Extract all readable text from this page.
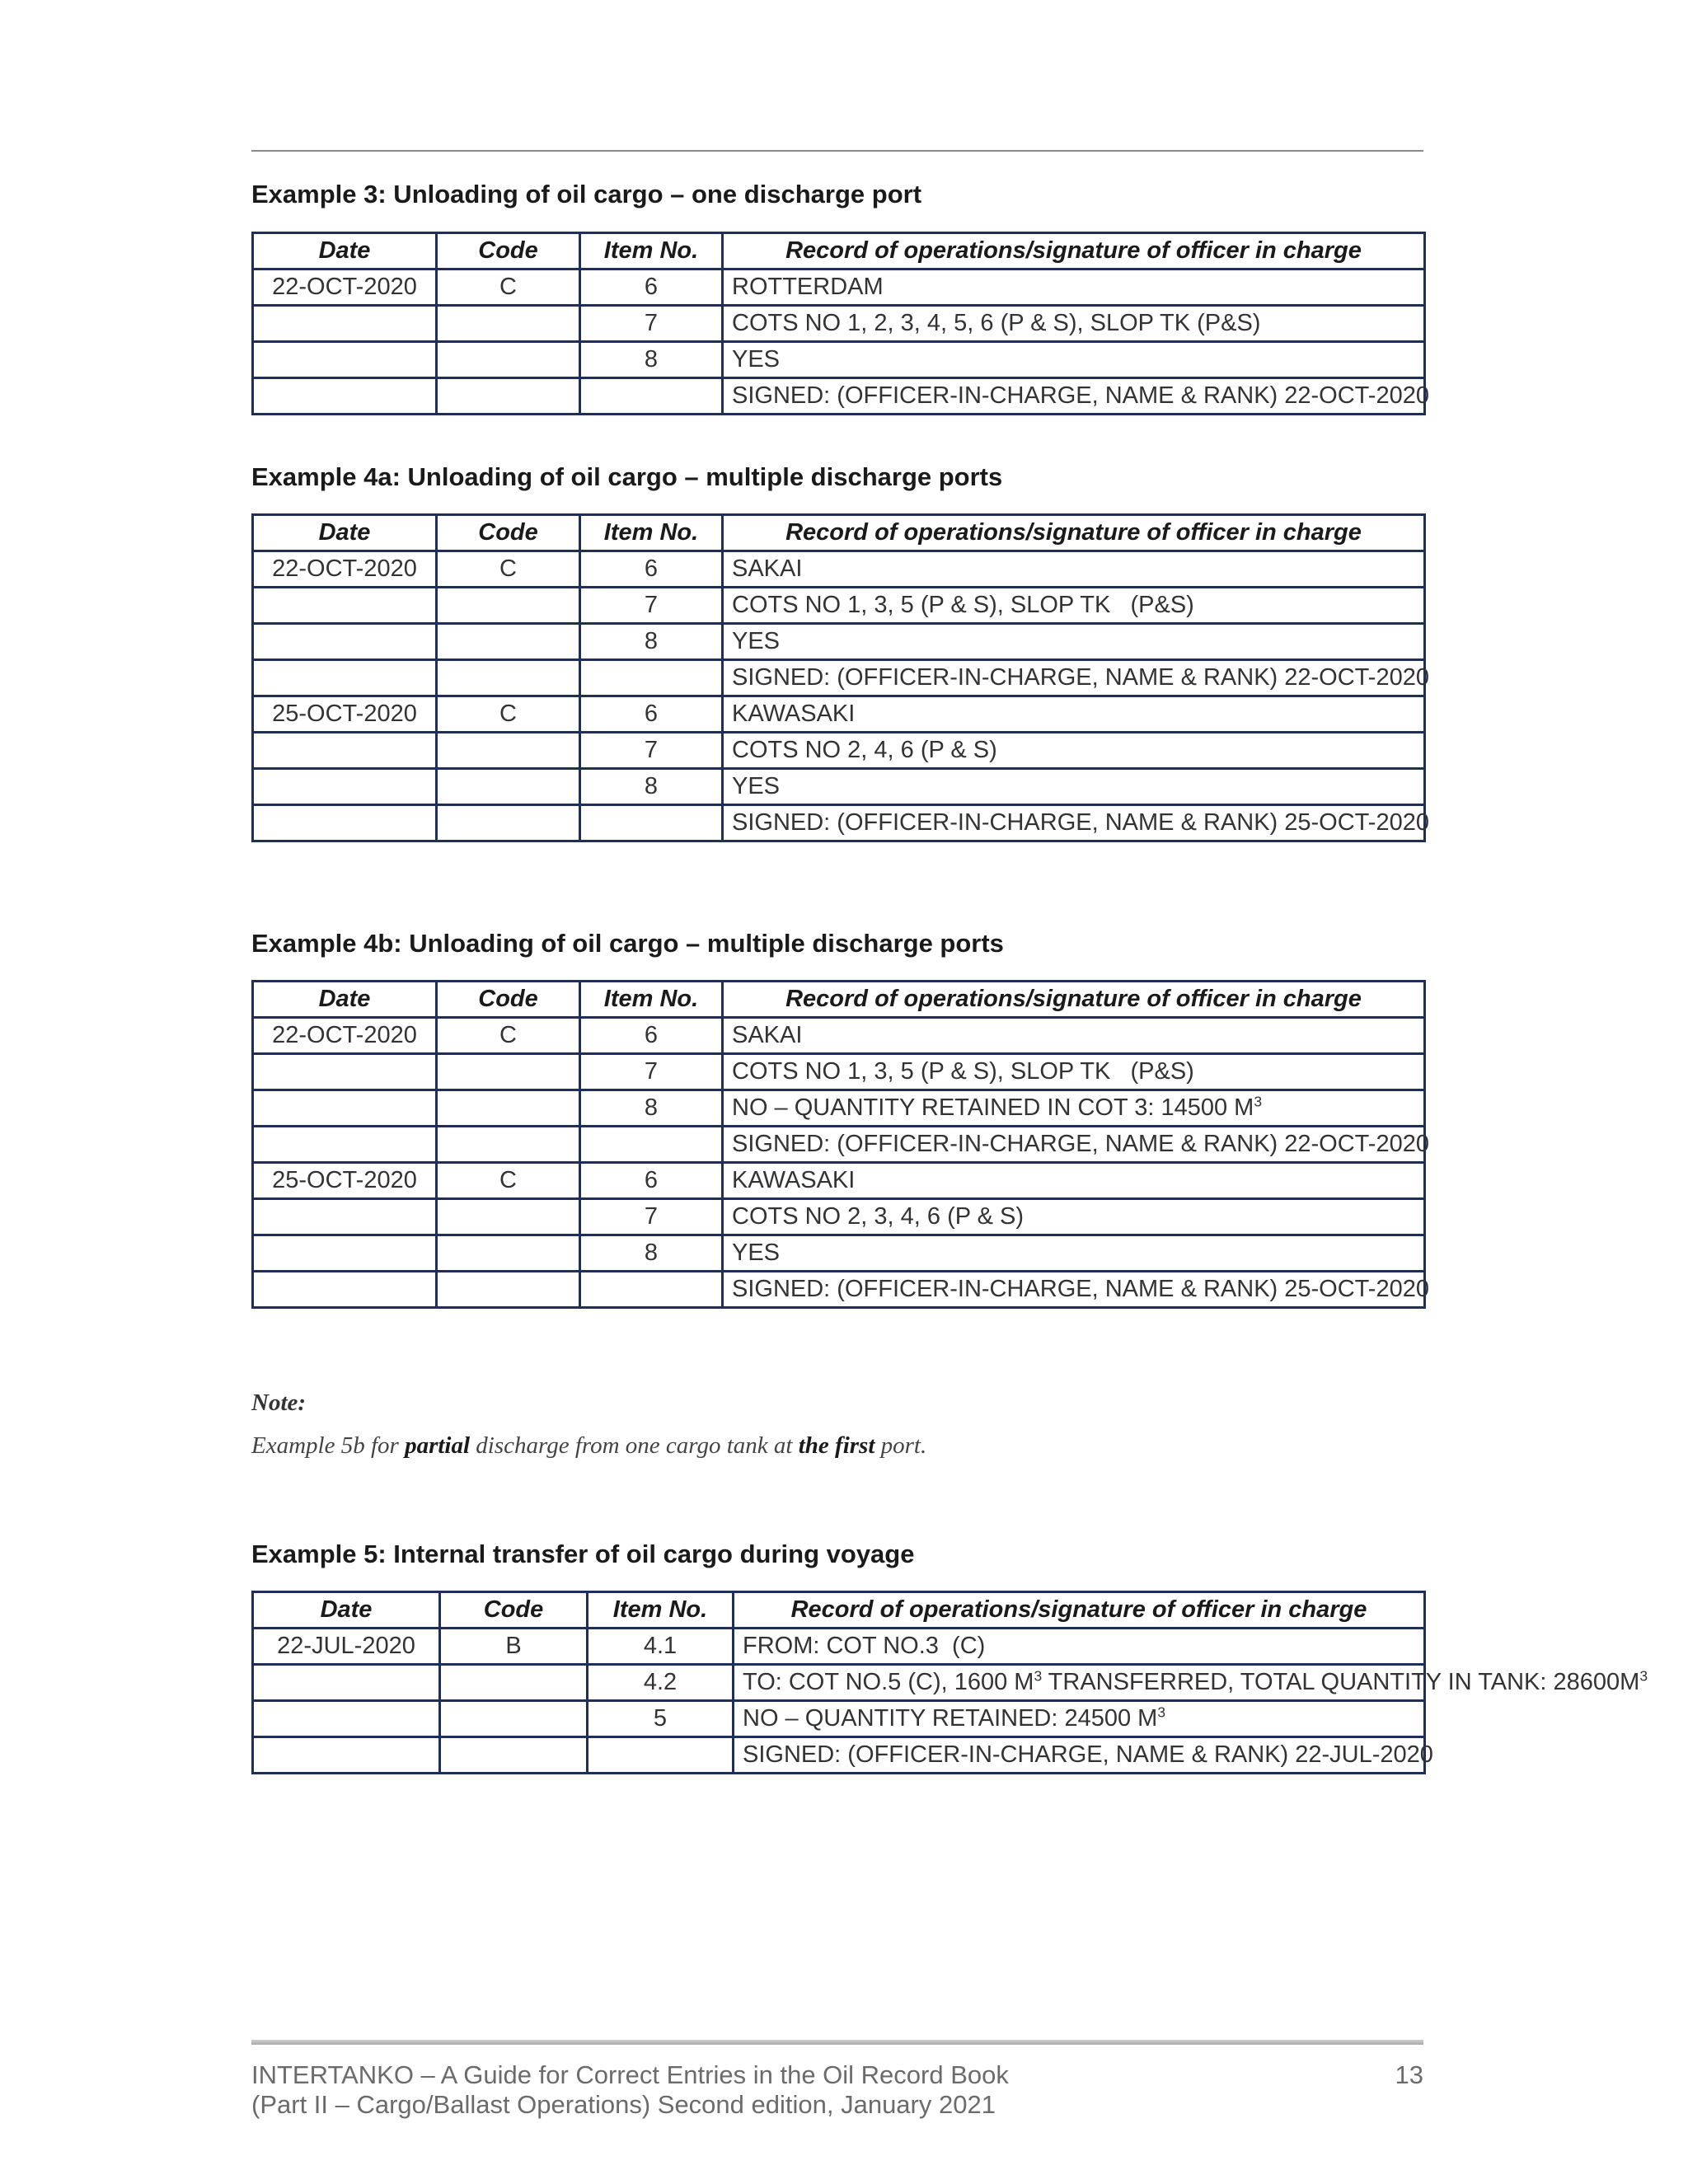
Example 3: Unloading of oil cargo – one discharge port
Date	Code	Item No.	Record of operations/signature of officer in charge
22-OCT-2020	C	6	ROTTERDAM
		7	COTS NO 1, 2, 3, 4, 5, 6 (P & S), SLOP TK (P&S)
		8	YES
			SIGNED: (OFFICER-IN-CHARGE, NAME & RANK) 22-OCT-2020
Example 4a: Unloading of oil cargo – multiple discharge ports
Date	Code	Item No.	Record of operations/signature of officer in charge
22-OCT-2020	C	6	SAKAI
		7	COTS NO 1, 3, 5 (P & S), SLOP TK   (P&S)
		8	YES
			SIGNED: (OFFICER-IN-CHARGE, NAME & RANK) 22-OCT-2020
25-OCT-2020	C	6	KAWASAKI
		7	COTS NO 2, 4, 6 (P & S)
		8	YES
			SIGNED: (OFFICER-IN-CHARGE, NAME & RANK) 25-OCT-2020
Example 4b: Unloading of oil cargo – multiple discharge ports
Date	Code	Item No.	Record of operations/signature of officer in charge
22-OCT-2020	C	6	SAKAI
		7	COTS NO 1, 3, 5 (P & S), SLOP TK   (P&S)
		8	NO – QUANTITY RETAINED IN COT 3: 14500 $M^3$
			SIGNED: (OFFICER-IN-CHARGE, NAME & RANK) 22-OCT-2020
25-OCT-2020	C	6	KAWASAKI
		7	COTS NO 2, 3, 4, 6 (P & S)
		8	YES
			SIGNED: (OFFICER-IN-CHARGE, NAME & RANK) 25-OCT-2020
Note:
Example 5b for partial discharge from one cargo tank at the first port.
Example 5: Internal transfer of oil cargo during voyage
Date	Code	Item No.	Record of operations/signature of officer in charge
22-JUL-2020	B	4.1	FROM: COT NO.3  (C)
		4.2	TO: COT NO.5 (C), 1600 $M^3$ TRANSFERRED, TOTAL QUANTITY IN TANK: $28600M^3$
		5	NO – QUANTITY RETAINED: 24500 $M^3$
			SIGNED: (OFFICER-IN-CHARGE, NAME & RANK) 22-JUL-2020
INTERTANKO – A Guide for Correct Entries in the Oil Record Book
(Part II – Cargo/Ballast Operations) Second edition, January 2021
13
